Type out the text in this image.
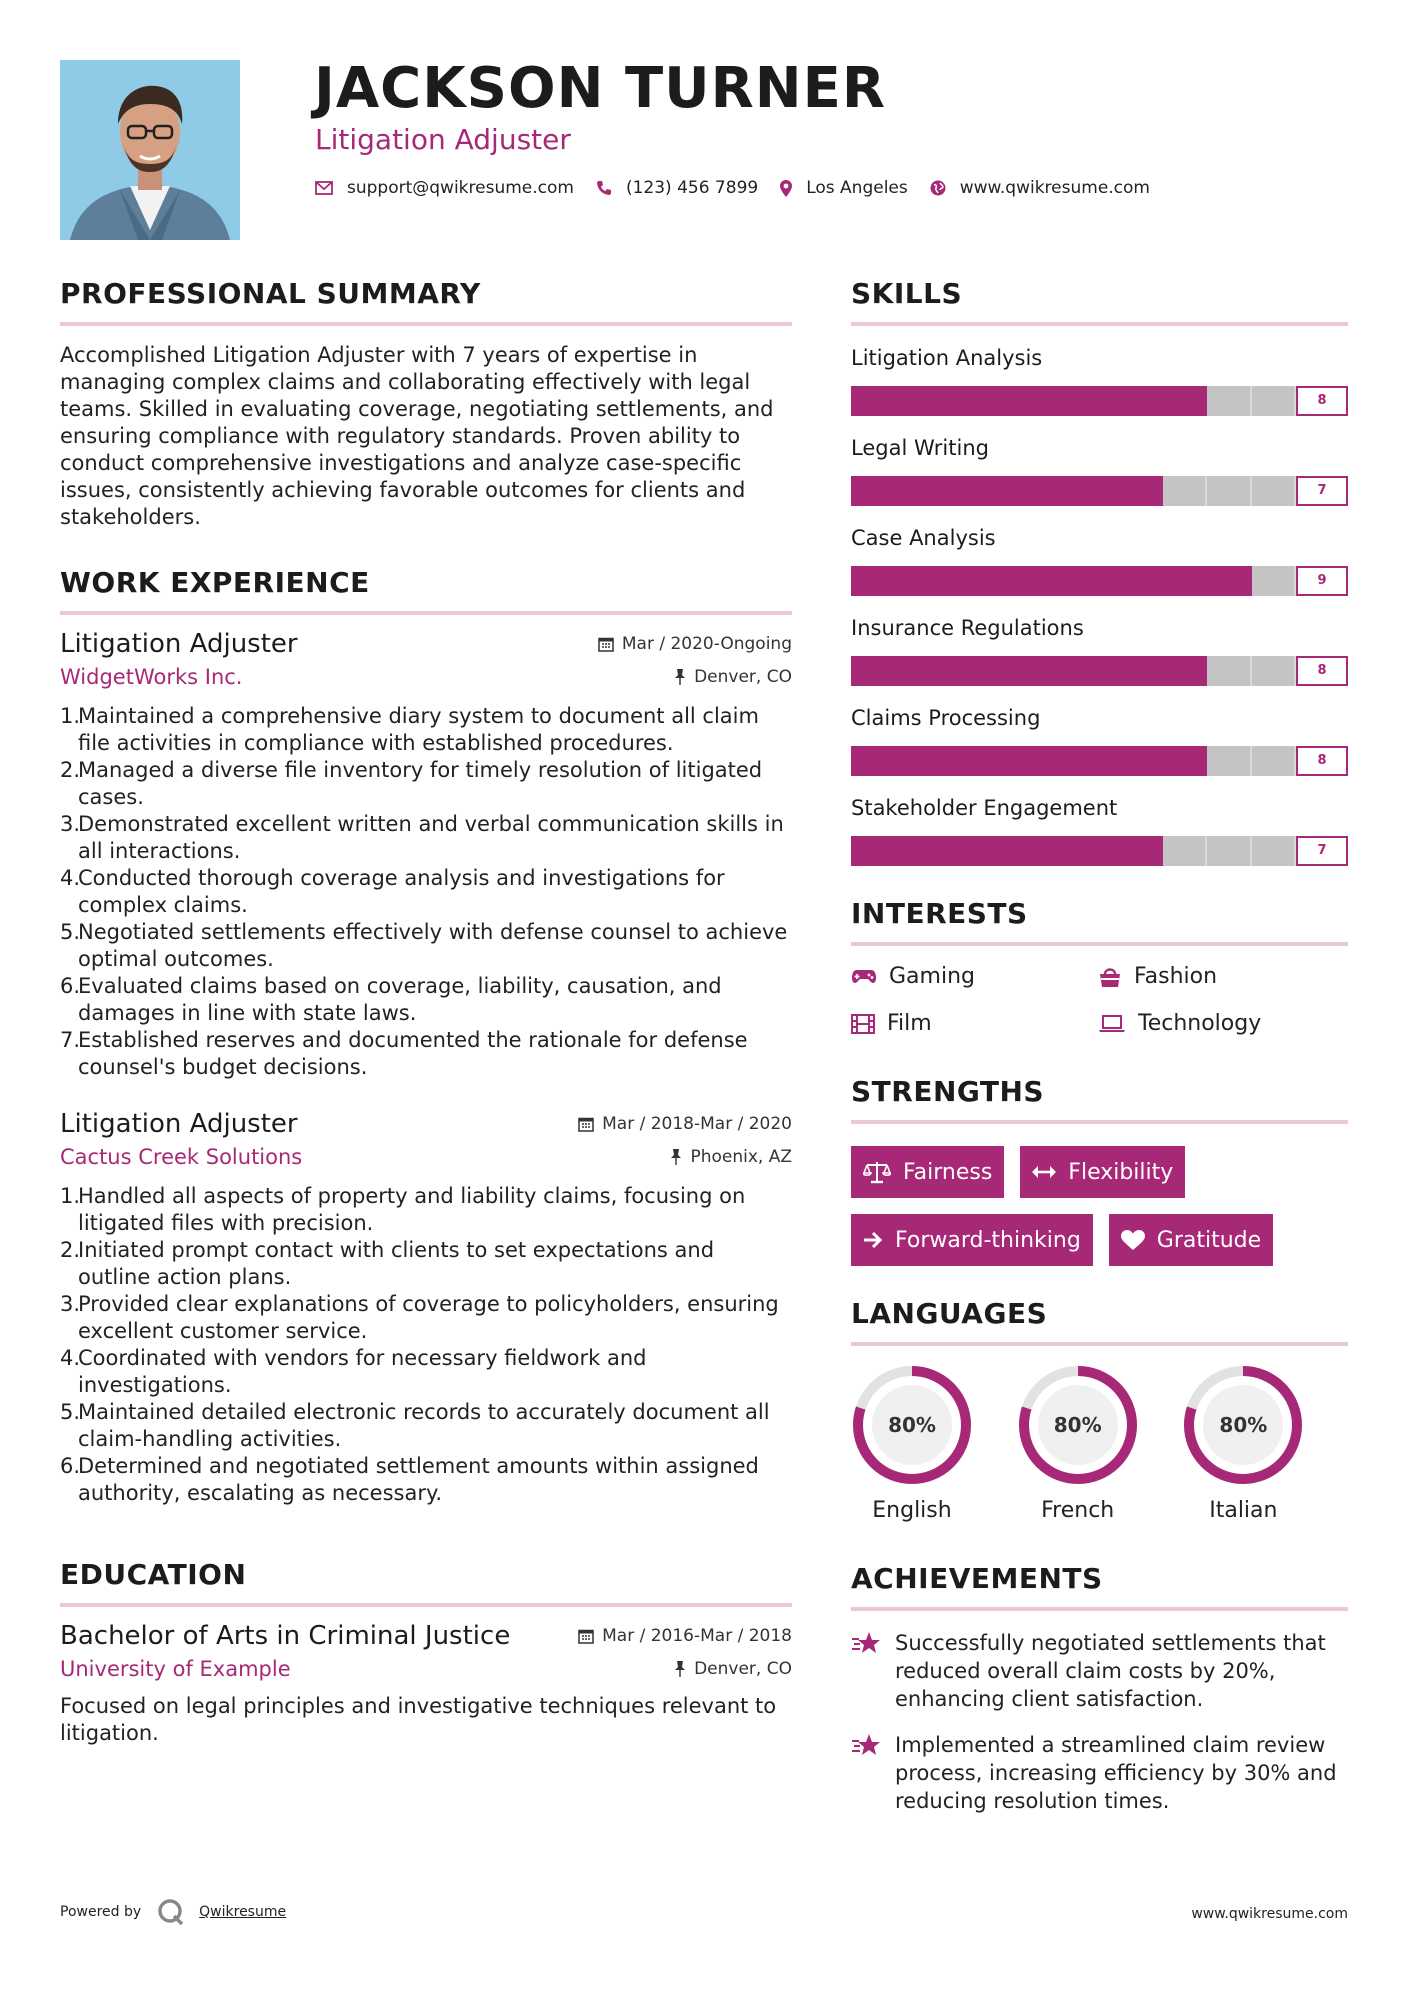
JACKSON TURNER
Litigation Adjuster
support@qwikresume.com	(123) 456 7899	Los Angeles	www.qwikresume.com
PROFESSIONAL SUMMARY

Accomplished Litigation Adjuster with 7 years of expertise in managing complex claims and collaborating effectively with legal teams. Skilled in evaluating coverage, negotiating settlements, and ensuring compliance with regulatory standards. Proven ability to conduct comprehensive investigations and analyze case-specific issues, consistently achieving favorable outcomes for clients and stakeholders.

WORK EXPERIENCE
Litigation Adjuster	Mar / 2020-Ongoing
WidgetWorks Inc.	Denver, CO
1.
Maintained a comprehensive diary system to document all claim file activities in compliance with established procedures.
2.
Managed a diverse file inventory for timely resolution of litigated cases.
3.
Demonstrated excellent written and verbal communication skills in all interactions.
4.
Conducted thorough coverage analysis and investigations for complex claims.
5.
Negotiated settlements effectively with defense counsel to achieve optimal outcomes.
6.
Evaluated claims based on coverage, liability, causation, and damages in line with state laws.
7.
Established reserves and documented the rationale for defense counsel's budget decisions.
Litigation Adjuster	Mar / 2018-Mar / 2020
Cactus Creek Solutions	Phoenix, AZ
1.
Handled all aspects of property and liability claims, focusing on litigated files with precision.
2.
Initiated prompt contact with clients to set expectations and outline action plans.
3.
Provided clear explanations of coverage to policyholders, ensuring excellent customer service.
4.
Coordinated with vendors for necessary fieldwork and investigations.
5.
Maintained detailed electronic records to accurately document all claim-handling activities.
6.
Determined and negotiated settlement amounts within assigned authority, escalating as necessary.
EDUCATION
Bachelor of Arts in Criminal Justice	Mar / 2016-Mar / 2018
University of Example	Denver, CO
Focused on legal principles and investigative techniques relevant to litigation.
SKILLS
Litigation Analysis
8
Legal Writing
7
Case Analysis
9
Insurance Regulations
8
Claims Processing
8
Stakeholder Engagement
7
INTERESTS
Gaming	Fashion
Film	Technology
STRENGTHS
Fairness	Flexibility
Forward-thinking	Gratitude
LANGUAGES
80%
English
80%
French
80%
Italian
ACHIEVEMENTS
Successfully negotiated settlements that reduced overall claim costs by 20%, enhancing client satisfaction.
Implemented a streamlined claim review process, increasing efficiency by 30% and reducing resolution times.
Powered by	Qwikresume	www.qwikresume.com
